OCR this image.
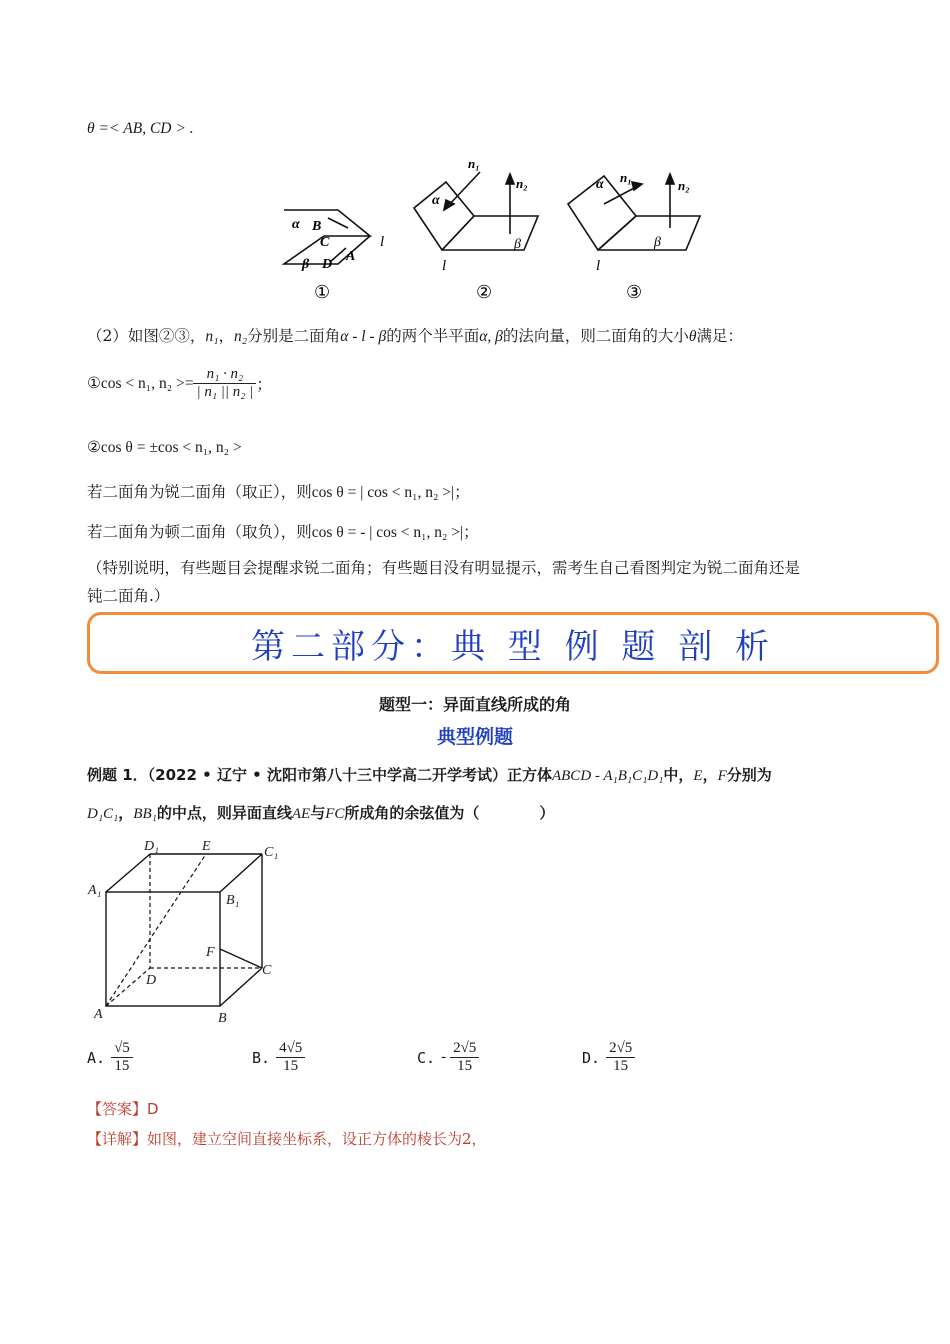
θ =< AB, CD > .
α B
C
β D
A
l
①
α
n₁
n₂
β
l
②
α n₁
n₂
β
l
③
（2）如图②③，n₁，n₂分别是二面角α - l - β的两个半平面α, β的法向量，则二面角的大小θ满足：
①cos < n₁, $n_2 >= \frac{\text{n₁ · n₂}}{\text{| n₁ || n₂ |}}$ ；
②cos θ = ±cos < n₁, n₂ >
若二面角为锐二面角（取正），则cos θ = | cos < n₁, n₂ >|；
若二面角为顿二面角（取负），则cos θ = - | cos < n₁, n₂ >|；
（特别说明，有些题目会提醒求锐二面角；有些题目没有明显提示，需考生自己看图判定为锐二面角还是
钝二面角.）
第二部分：典 型 例 题 剖 析
题型一：异面直线所成的角
典型例题
例题 1．（2022 • 辽宁 • 沈阳市第八十三中学高二开学考试）正方体ABCD - A₁B₁C₁D₁中，E，F分别为
D₁C₁，BB₁的中点，则异面直线AE与FC所成角的余弦值为（　　　　）
D₁	E	C₁
A₁
B₁
F
C
D
A	B
A. $\frac{√5}{15}$	B. $\frac{4√5}{15}$	C. - $\frac{2√5}{15}$	D. $\frac{2√5}{15}$
【答案】D
【详解】如图，建立空间直接坐标系，设正方体的棱长为2，
